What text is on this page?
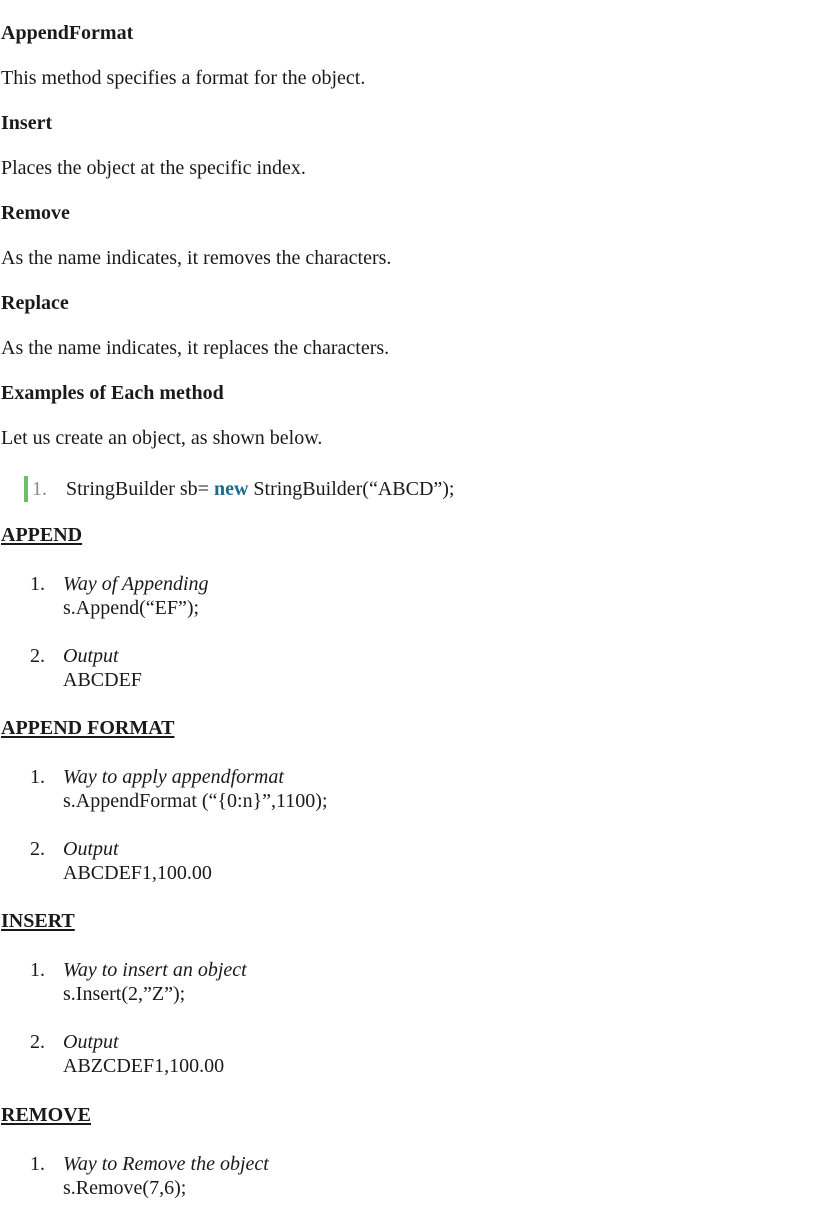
AppendFormat
This method specifies a format for the object.
Insert
Places the object at the specific index.
Remove
As the name indicates, it removes the characters.
Replace
As the name indicates, it replaces the characters.
Examples of Each method
Let us create an object, as shown below.
1. StringBuilder sb= new StringBuilder(“ABCD”);
APPEND
1. Way of Appending
s.Append(“EF”);
2. Output
ABCDEF
APPEND FORMAT
1. Way to apply appendformat
s.AppendFormat (“{0:n}”,1100);
2. Output
ABCDEF1,100.00
INSERT
1. Way to insert an object
s.Insert(2,”Z”);
2. Output
ABZCDEF1,100.00
REMOVE
1. Way to Remove the object
s.Remove(7,6);
